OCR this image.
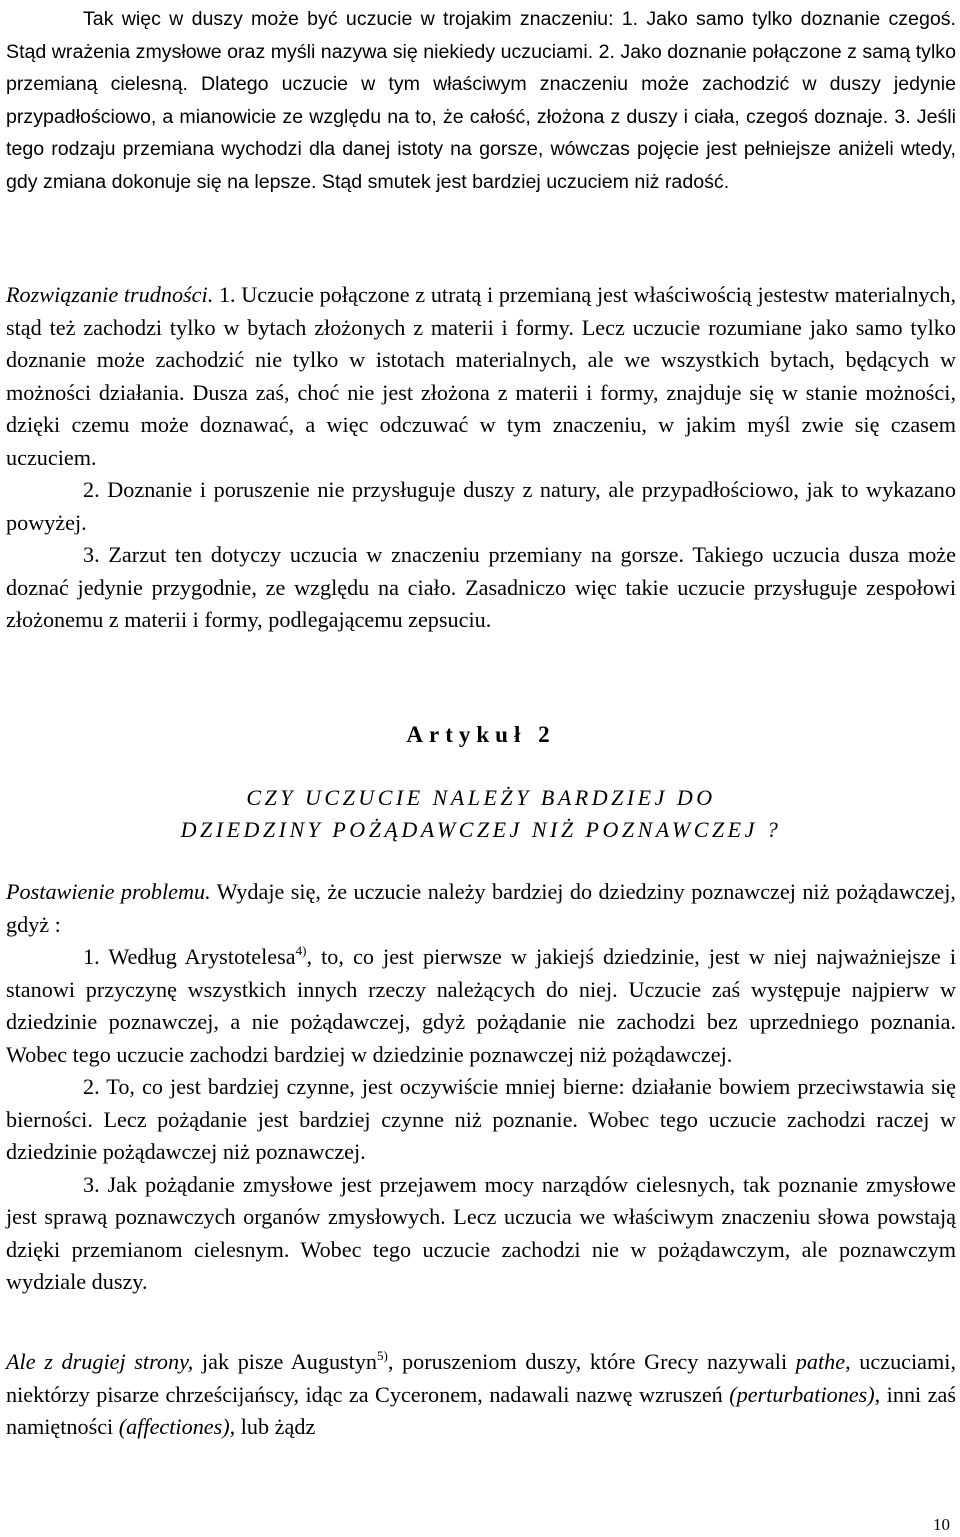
Tak więc w duszy może być uczucie w trojakim znaczeniu: 1. Jako samo tylko doznanie czegoś. Stąd wrażenia zmysłowe oraz myśli nazywa się niekiedy uczuciami. 2. Jako doznanie połączone z samą tylko przemianą cielesną. Dlatego uczucie w tym właściwym znaczeniu może zachodzić w duszy jedynie przypadłościowo, a mianowicie ze względu na to, że całość, złożona z duszy i ciała, czegoś doznaje. 3. Jeśli tego rodzaju przemiana wychodzi dla danej istoty na gorsze, wówczas pojęcie jest pełniejsze aniżeli wtedy, gdy zmiana dokonuje się na lepsze. Stąd smutek jest bardziej uczuciem niż radość.

Rozwiązanie trudności. 1. Uczucie połączone z utratą i przemianą jest właściwością jestestw materialnych, stąd też zachodzi tylko w bytach złożonych z materii i formy. Lecz uczucie rozumiane jako samo tylko doznanie może zachodzić nie tylko w istotach materialnych, ale we wszystkich bytach, będących w możności działania. Dusza zaś, choć nie jest złożona z materii i formy, znajduje się w stanie możności, dzięki czemu może doznawać, a więc odczuwać w tym znaczeniu, w jakim myśl zwie się czasem uczuciem.

2. Doznanie i poruszenie nie przysługuje duszy z natury, ale przypadłościowo, jak to wykazano powyżej.

3. Zarzut ten dotyczy uczucia w znaczeniu przemiany na gorsze. Takiego uczucia dusza może doznać jedynie przygodnie, ze względu na ciało. Zasadniczo więc takie uczucie przysługuje zespołowi złożonemu z materii i formy, podlegającemu zepsuciu.

Artykuł 2
CZY UCZUCIE NALEŻY BARDZIEJ DO
DZIEDZINY POŻĄDAWCZEJ NIŻ POZNAWCZEJ ?

Postawienie problemu. Wydaje się, że uczucie należy bardziej do dziedziny poznawczej niż pożądawczej, gdyż :

1. Według Arystotelesa$^{4)}$, to, co jest pierwsze w jakiejś dziedzinie, jest w niej najważniejsze i stanowi przyczynę wszystkich innych rzeczy należących do niej. Uczucie zaś występuje najpierw w dziedzinie poznawczej, a nie pożądawczej, gdyż pożądanie nie zachodzi bez uprzedniego poznania. Wobec tego uczucie zachodzi bardziej w dziedzinie poznawczej niż pożądawczej.

2. To, co jest bardziej czynne, jest oczywiście mniej bierne: działanie bowiem przeciwstawia się bierności. Lecz pożądanie jest bardziej czynne niż poznanie. Wobec tego uczucie zachodzi raczej w dziedzinie pożądawczej niż poznawczej.

3. Jak pożądanie zmysłowe jest przejawem mocy narządów cielesnych, tak poznanie zmysłowe jest sprawą poznawczych organów zmysłowych. Lecz uczucia we właściwym znaczeniu słowa powstają dzięki przemianom cielesnym. Wobec tego uczucie zachodzi nie w pożądawczym, ale poznawczym wydziale duszy.

Ale z drugiej strony, jak pisze Augustyn$^{5)}$, poruszeniom duszy, które Grecy nazywali pathe, uczuciami, niektórzy pisarze chrześcijańscy, idąc za Cyceronem, nadawali nazwę wzruszeń (perturbationes), inni zaś namiętności (affectiones), lub żądz

10
